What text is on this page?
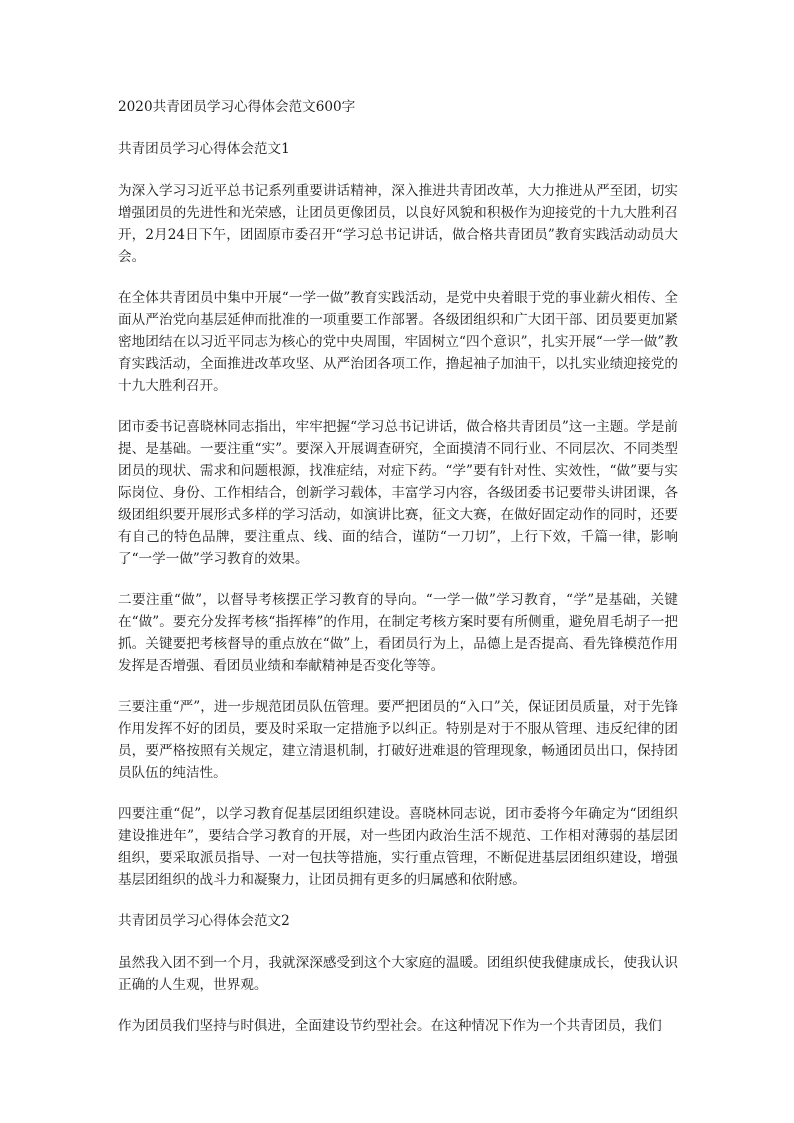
2020共青团员学习心得体会范文600字

共青团员学习心得体会范文1

为深入学习习近平总书记系列重要讲话精神，深入推进共青团改革，大力推进从严至团，切实增强团员的先进性和光荣感，让团员更像团员，以良好风貌和积极作为迎接党的十九大胜利召开，2月24日下午，团固原市委召开“学习总书记讲话，做合格共青团员”教育实践活动动员大会。

在全体共青团员中集中开展“一学一做”教育实践活动，是党中央着眼于党的事业薪火相传、全面从严治党向基层延伸而批准的一项重要工作部署。各级团组织和广大团干部、团员要更加紧密地团结在以习近平同志为核心的党中央周围，牢固树立“四个意识”，扎实开展“一学一做”教育实践活动，全面推进改革攻坚、从严治团各项工作，撸起袖子加油干，以扎实业绩迎接党的十九大胜利召开。

团市委书记喜晓林同志指出，牢牢把握“学习总书记讲话，做合格共青团员”这一主题。学是前提、是基础。一要注重“实”。要深入开展调查研究，全面摸清不同行业、不同层次、不同类型团员的现状、需求和问题根源，找准症结，对症下药。“学”要有针对性、实效性，“做”要与实际岗位、身份、工作相结合，创新学习载体，丰富学习内容，各级团委书记要带头讲团课，各级团组织要开展形式多样的学习活动，如演讲比赛，征文大赛，在做好固定动作的同时，还要有自己的特色品牌，要注重点、线、面的结合，谨防“一刀切”，上行下效，千篇一律，影响了“一学一做”学习教育的效果。

二要注重“做”，以督导考核摆正学习教育的导向。“一学一做”学习教育，“学”是基础，关键在“做”。要充分发挥考核“指挥棒”的作用，在制定考核方案时要有所侧重，避免眉毛胡子一把抓。关键要把考核督导的重点放在“做”上，看团员行为上，品德上是否提高、看先锋模范作用发挥是否增强、看团员业绩和奉献精神是否变化等等。

三要注重“严”，进一步规范团员队伍管理。要严把团员的“入口”关，保证团员质量，对于先锋作用发挥不好的团员，要及时采取一定措施予以纠正。特别是对于不服从管理、违反纪律的团员，要严格按照有关规定，建立清退机制，打破好进难退的管理现象，畅通团员出口，保持团员队伍的纯洁性。

四要注重“促”，以学习教育促基层团组织建设。喜晓林同志说，团市委将今年确定为“团组织建设推进年”，要结合学习教育的开展，对一些团内政治生活不规范、工作相对薄弱的基层团组织，要采取派员指导、一对一包扶等措施，实行重点管理，不断促进基层团组织建设，增强基层团组织的战斗力和凝聚力，让团员拥有更多的归属感和依附感。

共青团员学习心得体会范文2

虽然我入团不到一个月，我就深深感受到这个大家庭的温暖。团组织使我健康成长，使我认识正确的人生观，世界观。

作为团员我们坚持与时俱进，全面建设节约型社会。在这种情况下作为一个共青团员，我们
